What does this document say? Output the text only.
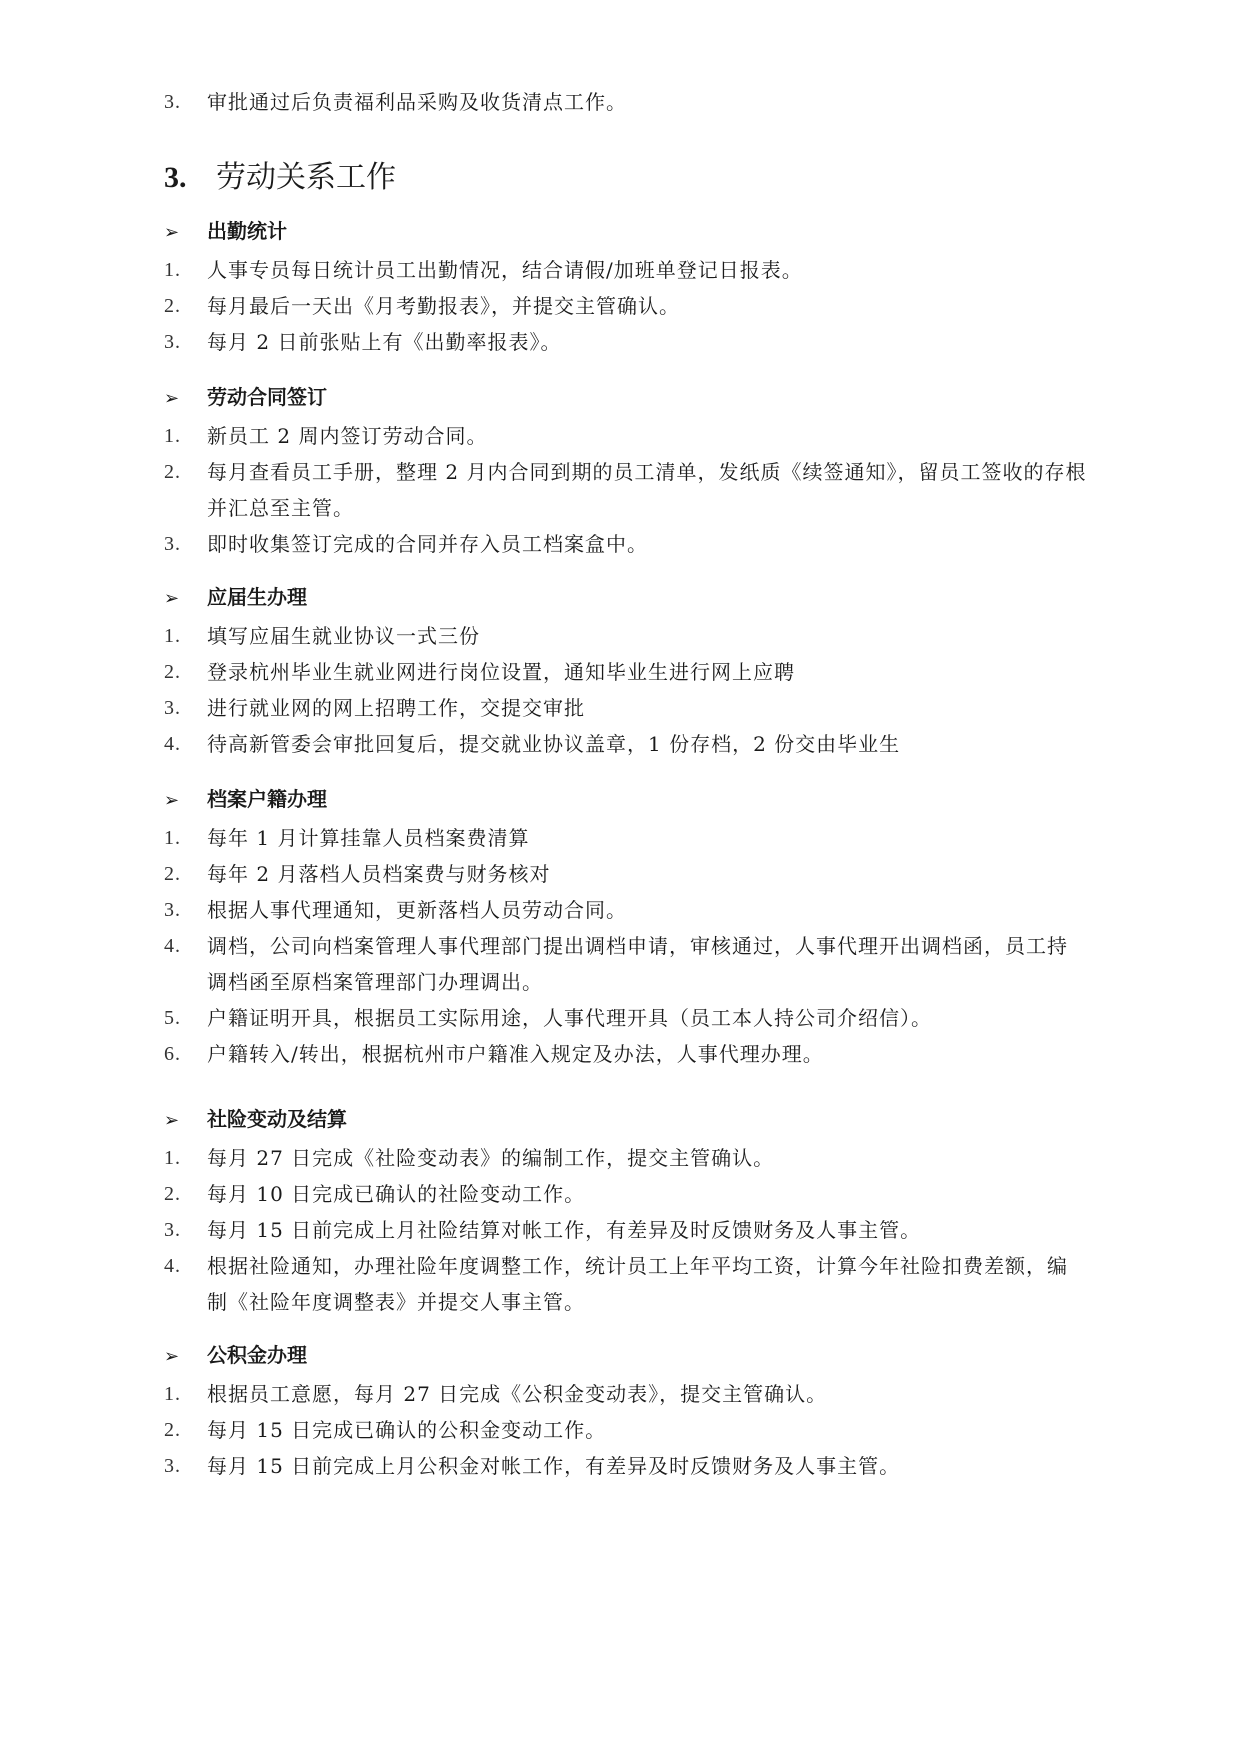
3. 审批通过后负责福利品采购及收货清点工作。
3. 劳动关系工作
➢ 出勤统计
1. 人事专员每日统计员工出勤情况，结合请假/加班单登记日报表。
2. 每月最后一天出《月考勤报表》，并提交主管确认。
3. 每月 2 日前张贴上有《出勤率报表》。
➢ 劳动合同签订
1. 新员工 2 周内签订劳动合同。
2. 每月查看员工手册，整理 2 月内合同到期的员工清单，发纸质《续签通知》，留员工签收的存根并汇总至主管。
3. 即时收集签订完成的合同并存入员工档案盒中。
➢ 应届生办理
1. 填写应届生就业协议一式三份
2. 登录杭州毕业生就业网进行岗位设置，通知毕业生进行网上应聘
3. 进行就业网的网上招聘工作，交提交审批
4. 待高新管委会审批回复后，提交就业协议盖章，1 份存档，2 份交由毕业生
➢ 档案户籍办理
1. 每年 1 月计算挂靠人员档案费清算
2. 每年 2 月落档人员档案费与财务核对
3. 根据人事代理通知，更新落档人员劳动合同。
4. 调档，公司向档案管理人事代理部门提出调档申请，审核通过，人事代理开出调档函，员工持调档函至原档案管理部门办理调出。
5. 户籍证明开具，根据员工实际用途，人事代理开具（员工本人持公司介绍信）。
6. 户籍转入/转出，根据杭州市户籍准入规定及办法，人事代理办理。
➢ 社险变动及结算
1. 每月 27 日完成《社险变动表》的编制工作，提交主管确认。
2. 每月 10 日完成已确认的社险变动工作。
3. 每月 15 日前完成上月社险结算对帐工作，有差异及时反馈财务及人事主管。
4. 根据社险通知，办理社险年度调整工作，统计员工上年平均工资，计算今年社险扣费差额，编制《社险年度调整表》并提交人事主管。
➢ 公积金办理
1. 根据员工意愿，每月 27 日完成《公积金变动表》，提交主管确认。
2. 每月 15 日完成已确认的公积金变动工作。
3. 每月 15 日前完成上月公积金对帐工作，有差异及时反馈财务及人事主管。
